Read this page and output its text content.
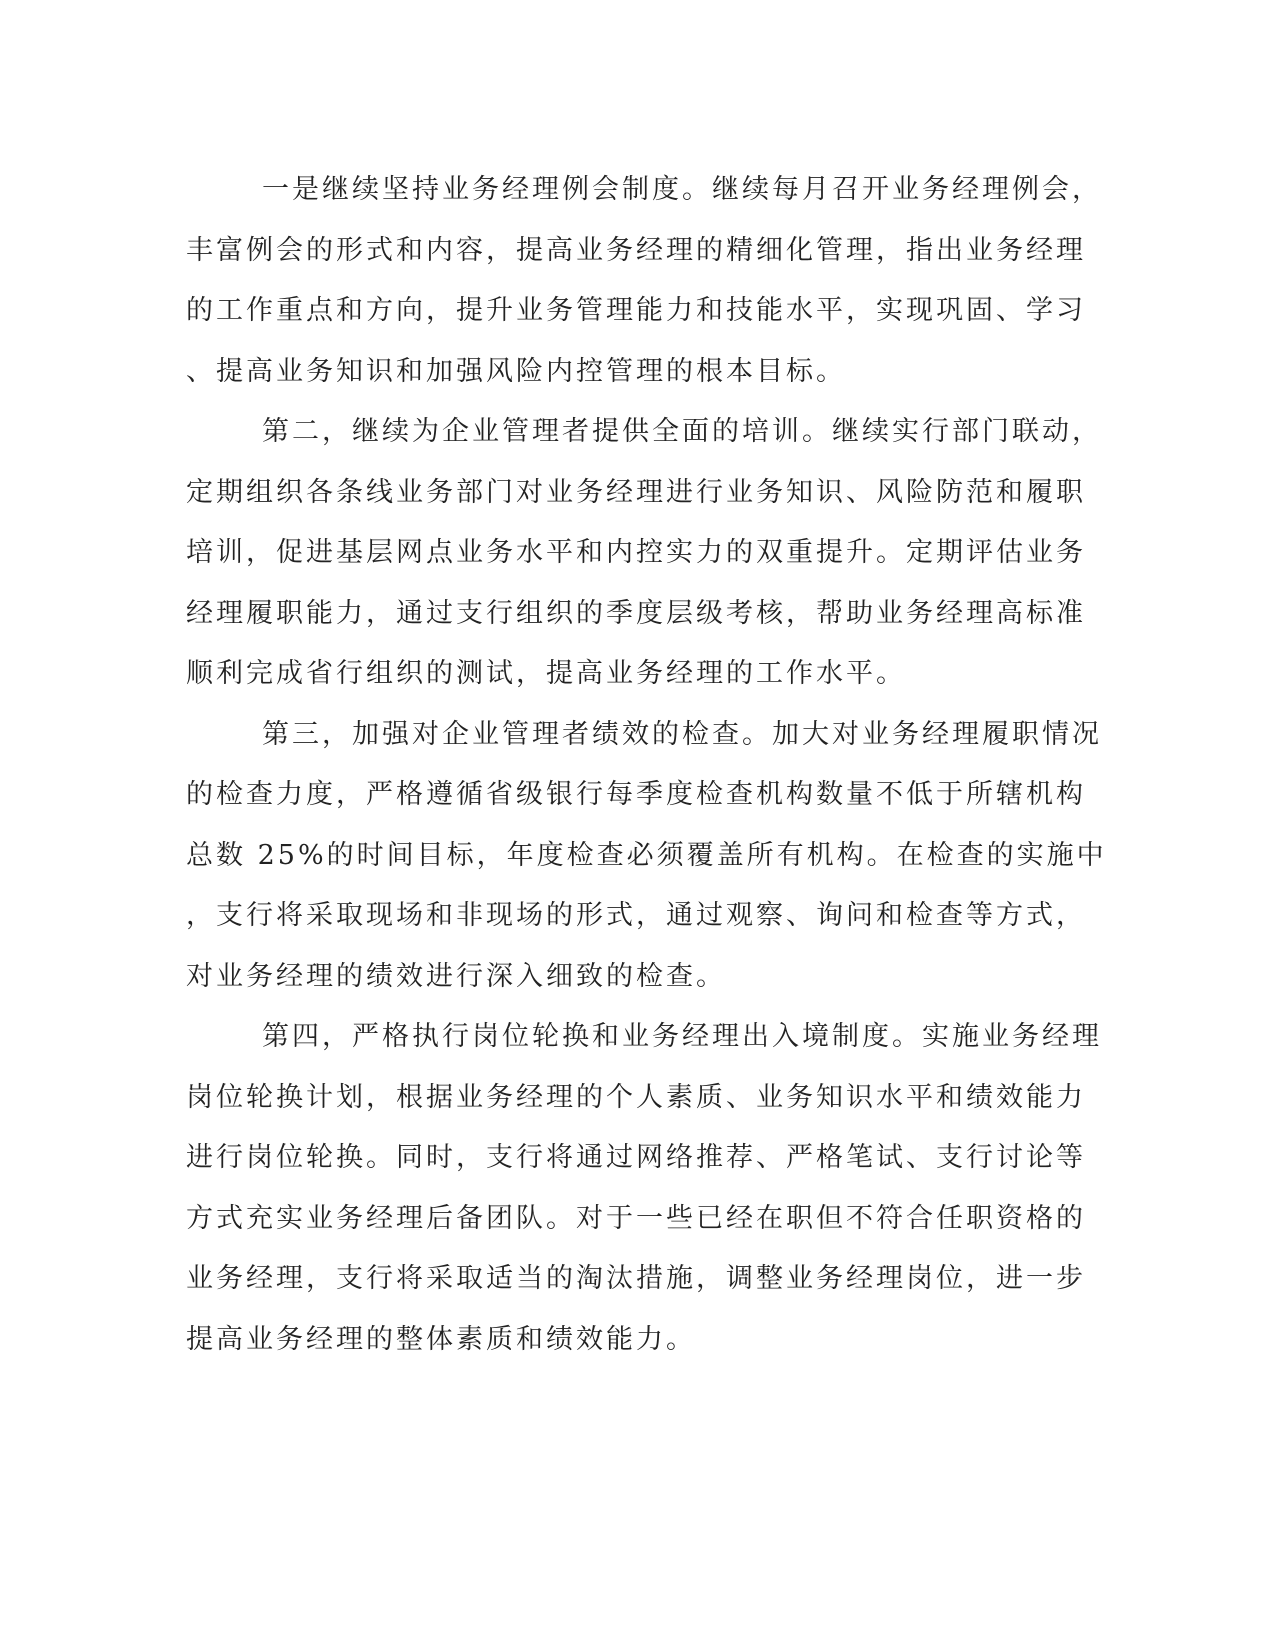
一是继续坚持业务经理例会制度。继续每月召开业务经理例会，
丰富例会的形式和内容，提高业务经理的精细化管理，指出业务经理
的工作重点和方向，提升业务管理能力和技能水平，实现巩固、学习
、提高业务知识和加强风险内控管理的根本目标。
第二，继续为企业管理者提供全面的培训。继续实行部门联动，
定期组织各条线业务部门对业务经理进行业务知识、风险防范和履职
培训，促进基层网点业务水平和内控实力的双重提升。定期评估业务
经理履职能力，通过支行组织的季度层级考核，帮助业务经理高标准
顺利完成省行组织的测试，提高业务经理的工作水平。
第三，加强对企业管理者绩效的检查。加大对业务经理履职情况
的检查力度，严格遵循省级银行每季度检查机构数量不低于所辖机构
总数 25%的时间目标，年度检查必须覆盖所有机构。在检查的实施中
，支行将采取现场和非现场的形式，通过观察、询问和检查等方式，
对业务经理的绩效进行深入细致的检查。
第四，严格执行岗位轮换和业务经理出入境制度。实施业务经理
岗位轮换计划，根据业务经理的个人素质、业务知识水平和绩效能力
进行岗位轮换。同时，支行将通过网络推荐、严格笔试、支行讨论等
方式充实业务经理后备团队。对于一些已经在职但不符合任职资格的
业务经理，支行将采取适当的淘汰措施，调整业务经理岗位，进一步
提高业务经理的整体素质和绩效能力。
